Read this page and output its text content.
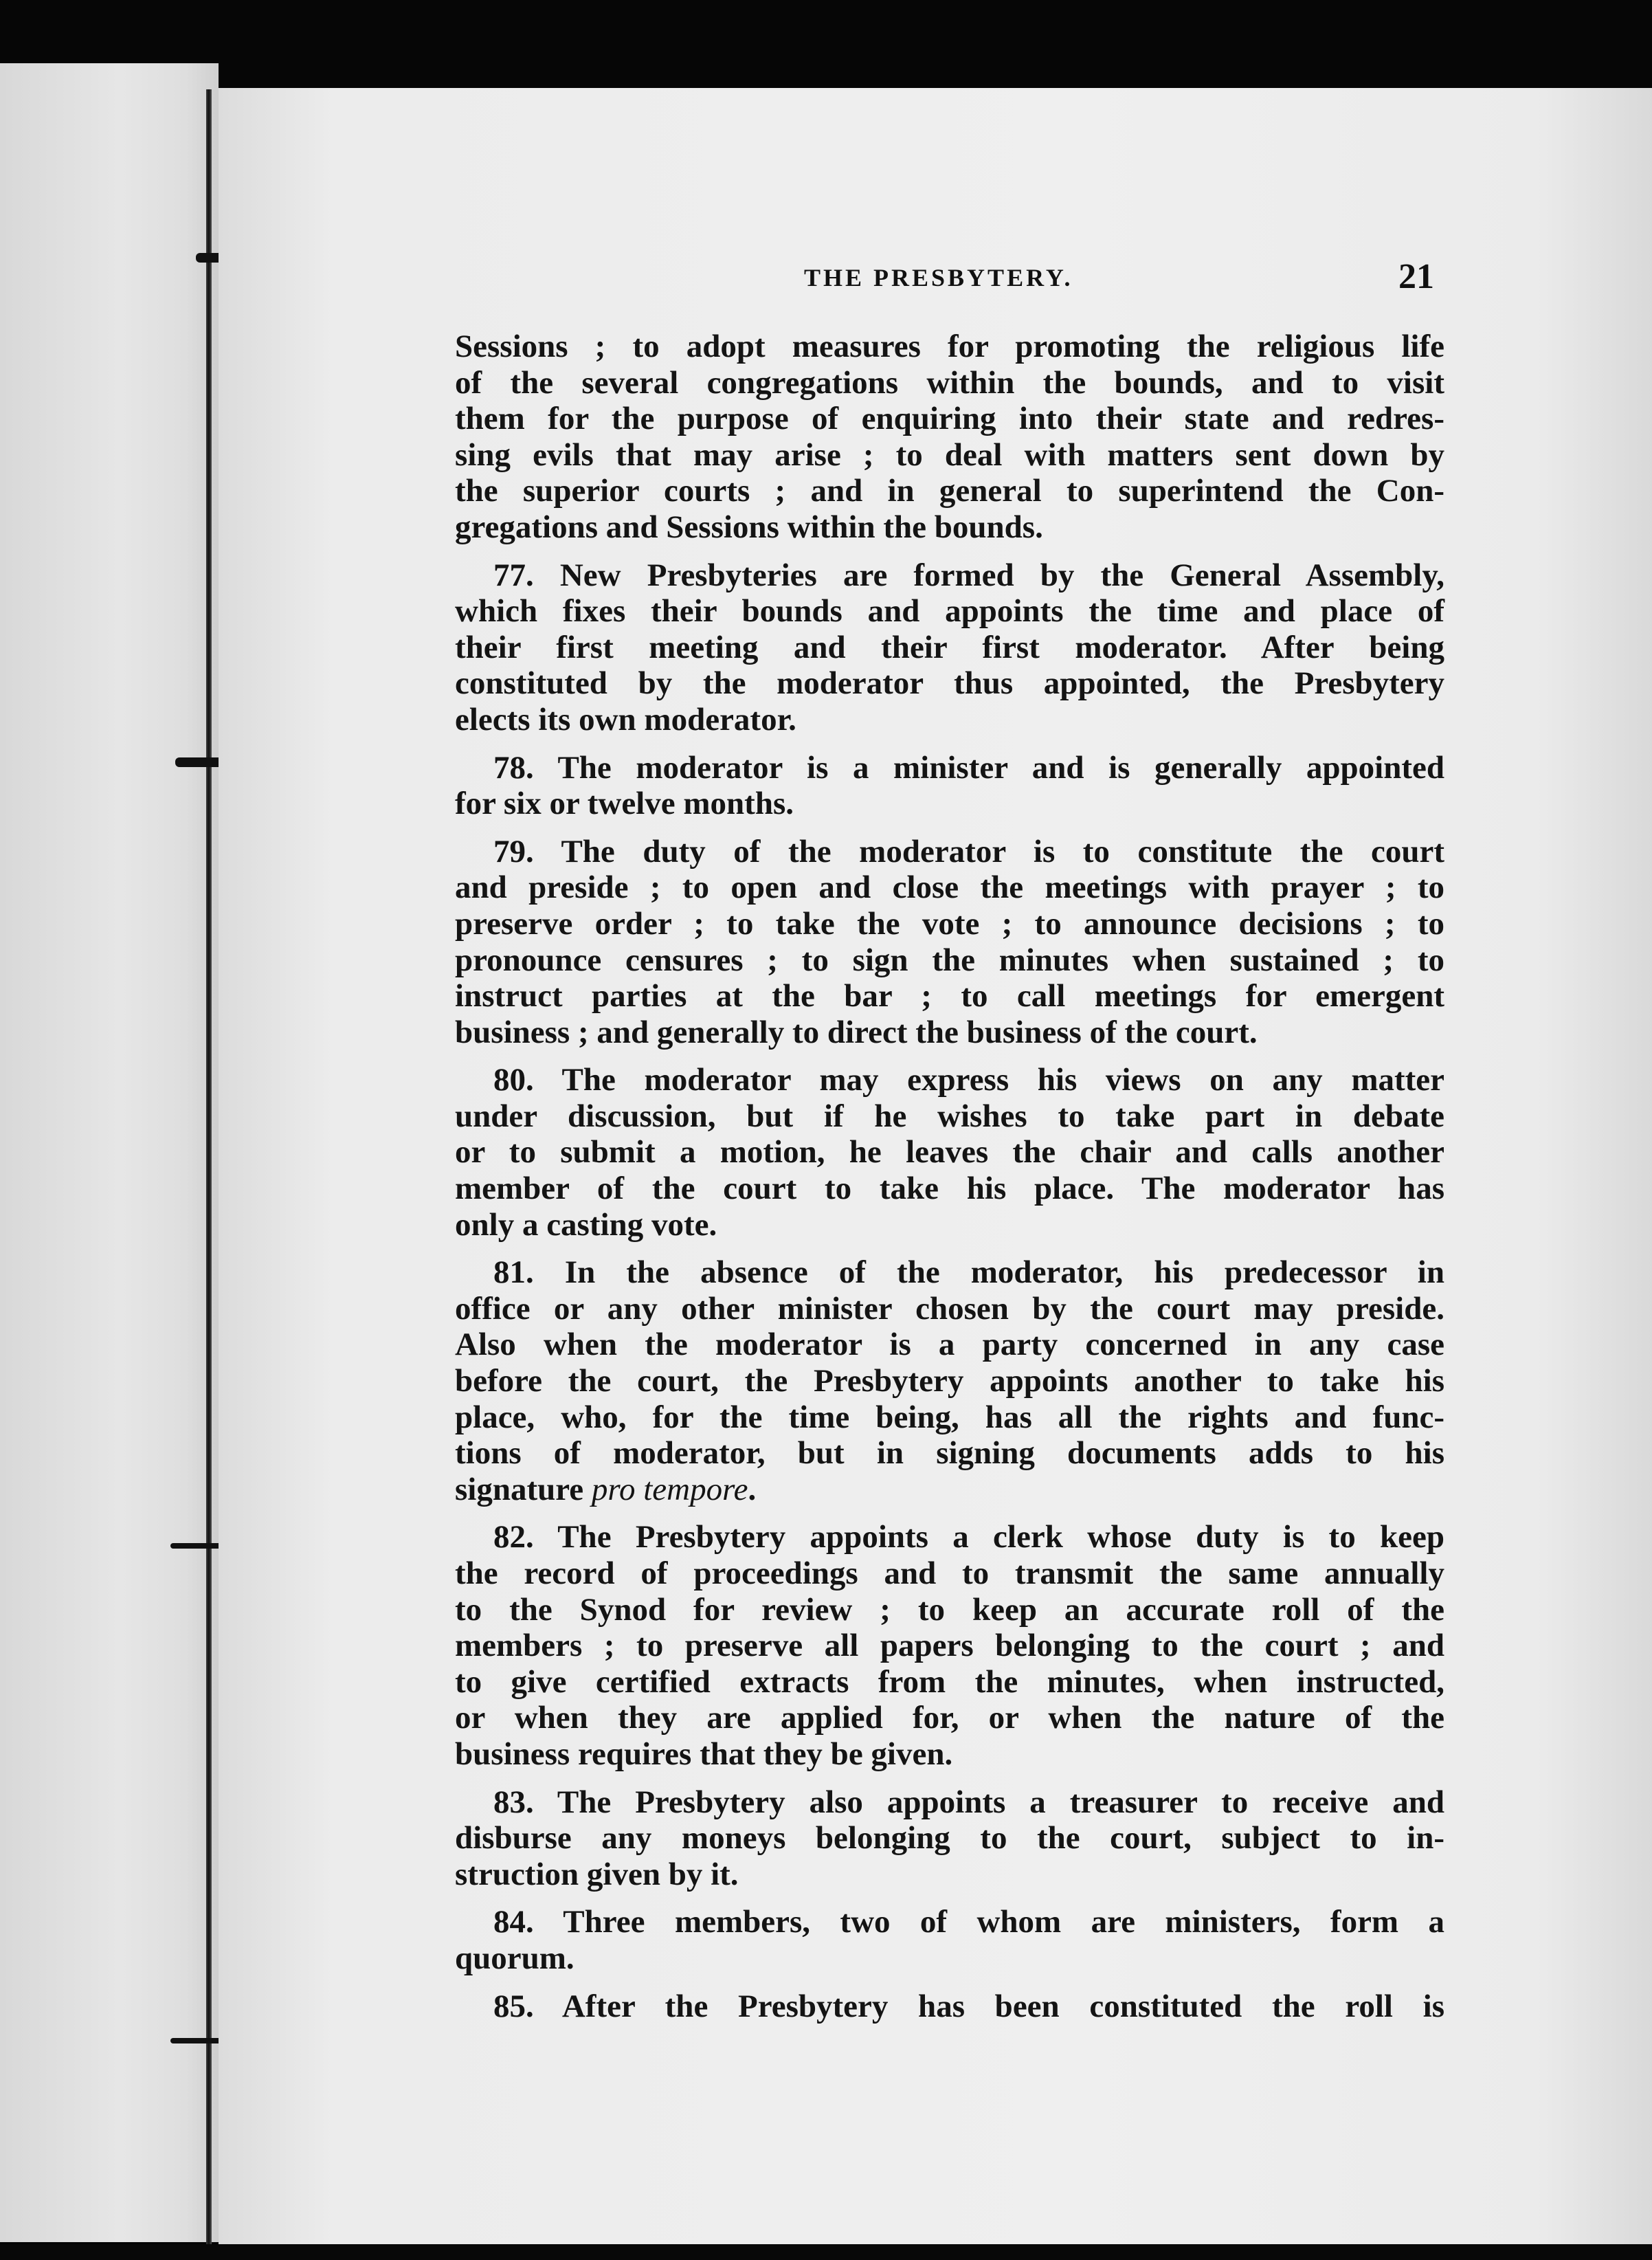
THE PRESBYTERY.	21
Sessions ; to adopt measures for promoting the religious life
of the several congregations within the bounds, and to visit
them for the purpose of enquiring into their state and redres-
sing evils that may arise ; to deal with matters sent down by
the superior courts ; and in general to superintend the Con-
gregations and Sessions within the bounds.
77. New Presbyteries are formed by the General Assembly,
which fixes their bounds and appoints the time and place of
their first meeting and their first moderator. After being
constituted by the moderator thus appointed, the Presbytery
elects its own moderator.
78. The moderator is a minister and is generally appointed
for six or twelve months.
79. The duty of the moderator is to constitute the court
and preside ; to open and close the meetings with prayer ; to
preserve order ; to take the vote ; to announce decisions ; to
pronounce censures ; to sign the minutes when sustained ; to
instruct parties at the bar ; to call meetings for emergent
business ; and generally to direct the business of the court.
80. The moderator may express his views on any matter
under discussion, but if he wishes to take part in debate
or to submit a motion, he leaves the chair and calls another
member of the court to take his place. The moderator has
only a casting vote.
81. In the absence of the moderator, his predecessor in
office or any other minister chosen by the court may preside.
Also when the moderator is a party concerned in any case
before the court, the Presbytery appoints another to take his
place, who, for the time being, has all the rights and func-
tions of moderator, but in signing documents adds to his
signature pro tempore.
82. The Presbytery appoints a clerk whose duty is to keep
the record of proceedings and to transmit the same annually
to the Synod for review ; to keep an accurate roll of the
members ; to preserve all papers belonging to the court ; and
to give certified extracts from the minutes, when instructed,
or when they are applied for, or when the nature of the
business requires that they be given.
83. The Presbytery also appoints a treasurer to receive and
disburse any moneys belonging to the court, subject to in-
struction given by it.
84. Three members, two of whom are ministers, form a
quorum.
85. After the Presbytery has been constituted the roll is
